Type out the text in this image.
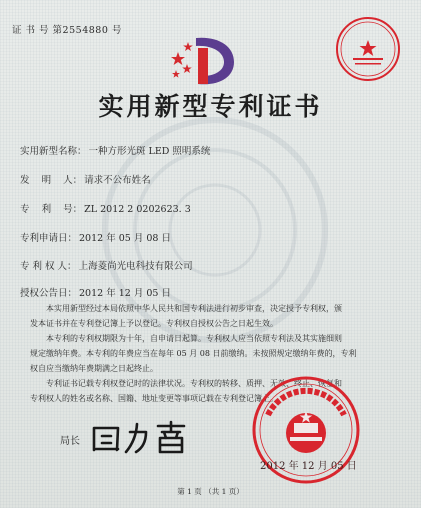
证 书 号 第2554880 号
实用新型专利证书
实用新型名称： 一种方形光斑 LED 照明系统
发    明    人： 请求不公布姓名
专    利    号： ZL 2012 2 0202623. 3
专利申请日： 2012 年 05 月 08 日
专 利 权 人： 上海菱尚光电科技有限公司
授权公告日： 2012 年 12 月 05 日

本实用新型经过本局依照中华人民共和国专利法进行初步审查，决定授予专利权，颁

发本证书并在专利登记簿上予以登记。专利权自授权公告之日起生效。

本专利的专利权期限为十年，自申请日起算。专利权人应当依照专利法及其实施细则

规定缴纳年费。本专利的年费应当在每年 05 月 08 日前缴纳。未按照规定缴纳年费的，专利

权自应当缴纳年费期满之日起终止。

专利证书记载专利权登记时的法律状况。专利权的转移、质押、无效、终止、恢复和

专利权人的姓名或名称、国籍、地址变更等事项记载在专利登记簿上。

局长
2012 年 12 月 05 日
第 1 页 （共 1 页）
